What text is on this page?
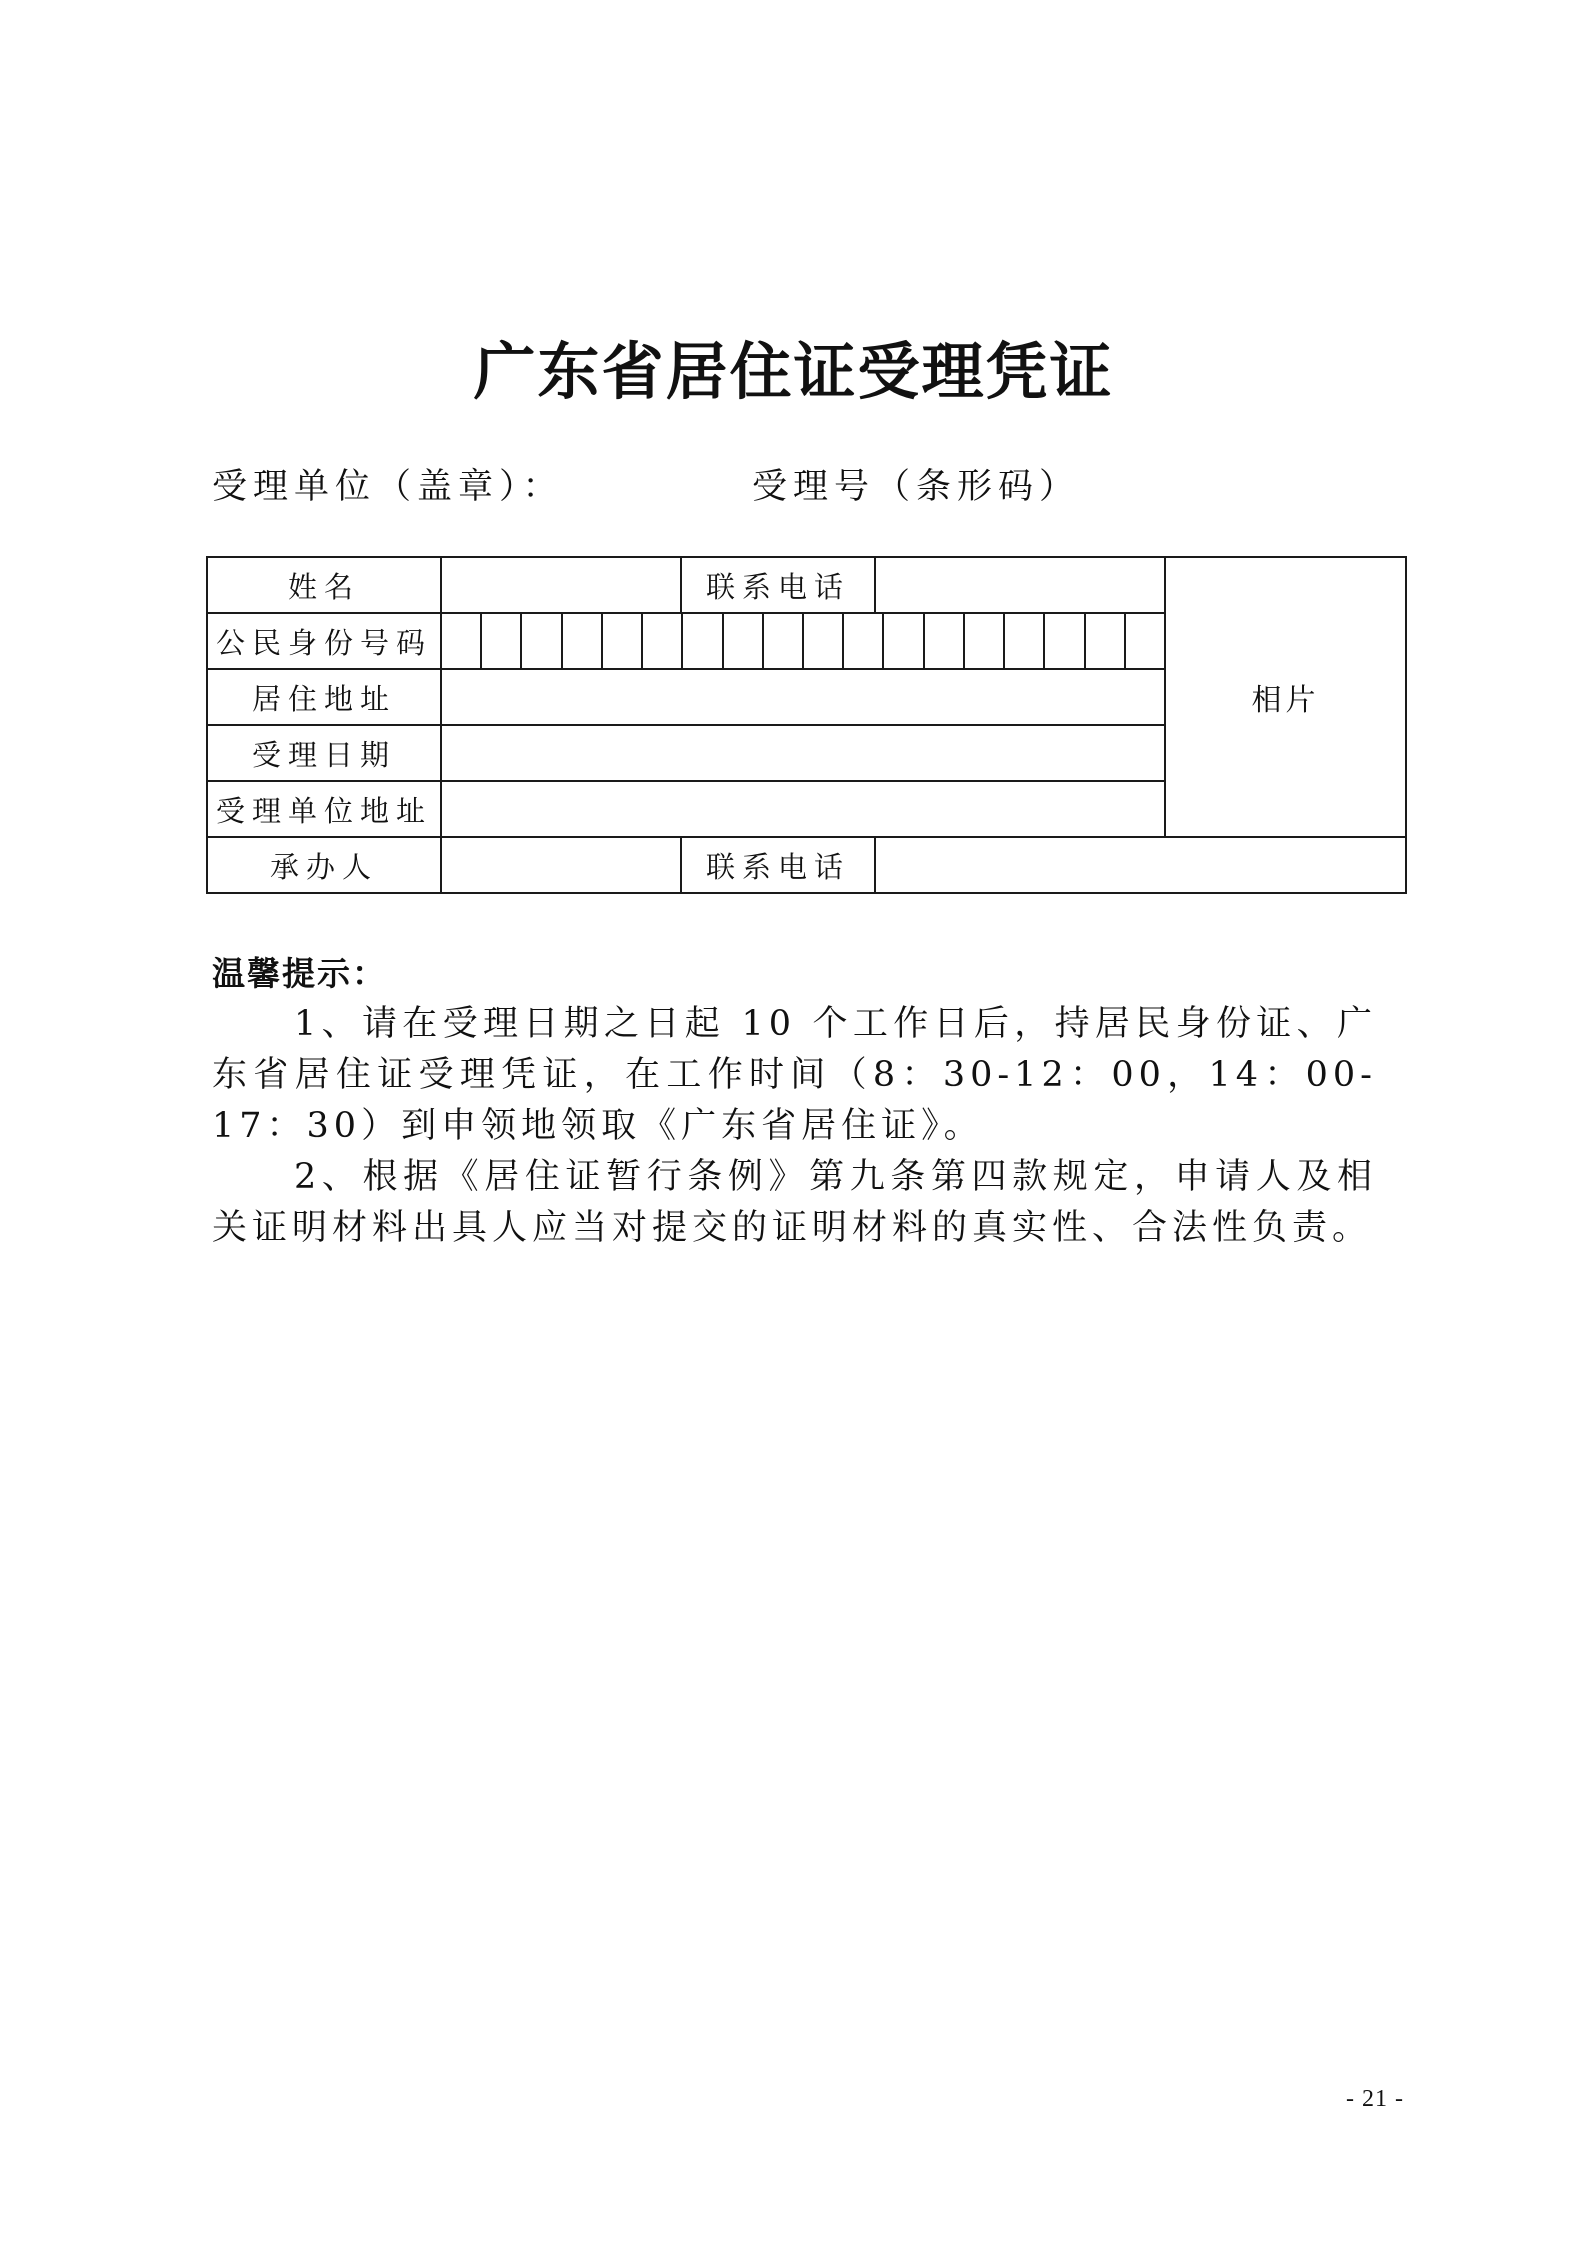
广东省居住证受理凭证
受理单位（盖章）：	受理号（条形码）
姓名		联系电话		相片
公民身份号码				

居住地址				
受理日期				
受理单位地址				
承办人		联系电话		
温馨提示：
1、请在受理日期之日起 10 个工作日后，持居民身份证、广东省居住证受理凭证，在工作时间（8：30-12：00，14：00-17：30）到申领地领取《广东省居住证》。
2、根据《居住证暂行条例》第九条第四款规定，申请人及相关证明材料出具人应当对提交的证明材料的真实性、合法性负责。
- 21 -
